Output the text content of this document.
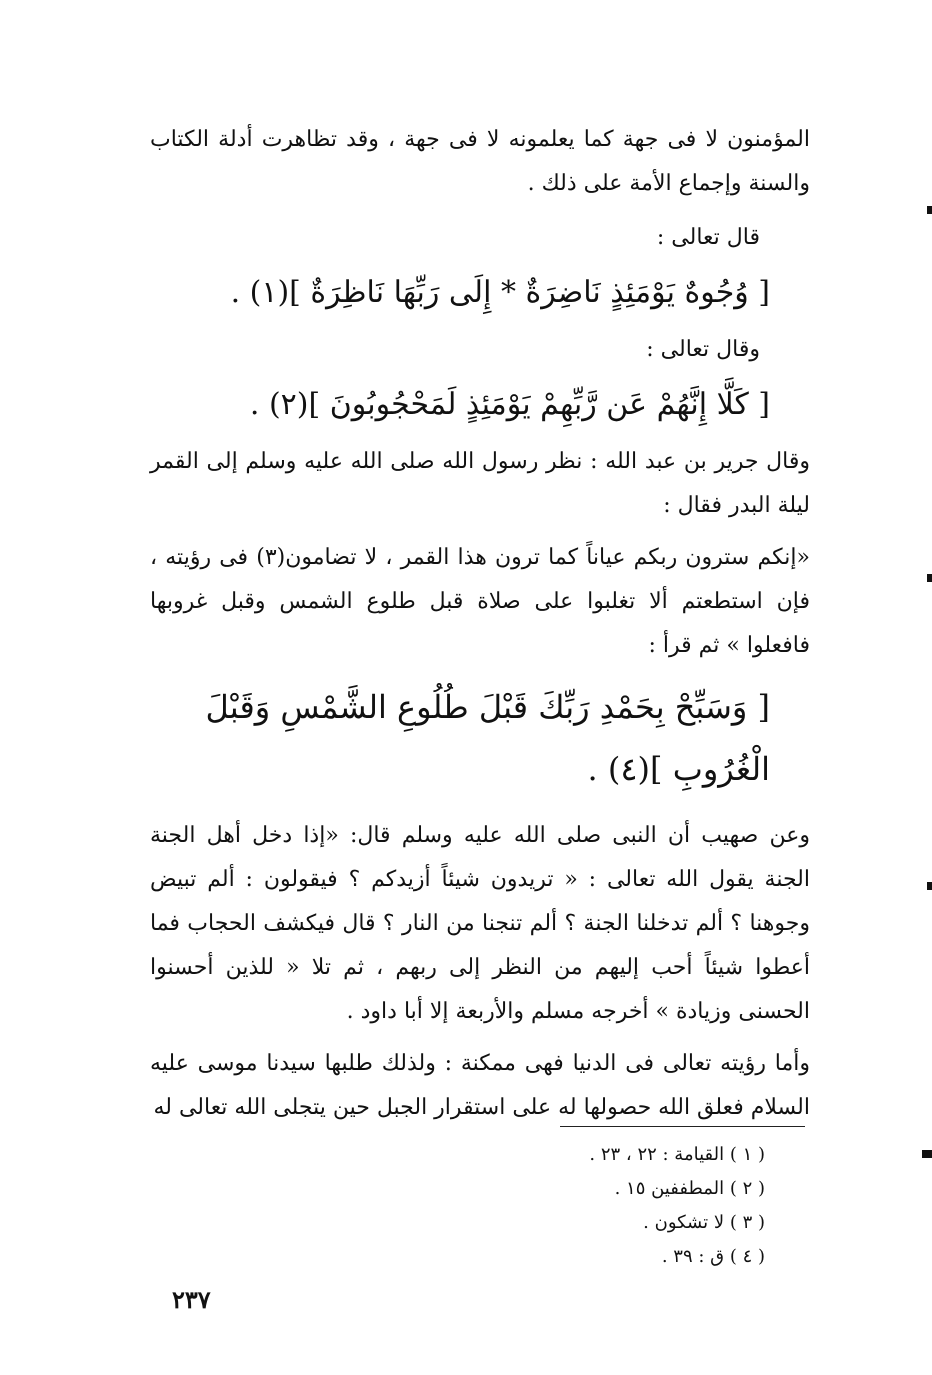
المؤمنون لا فى جهة كما يعلمونه لا فى جهة ، وقد تظاهرت أدلة الكتاب والسنة وإجماع الأمة على ذلك .

قال تعالى :

[ وُجُوهٌ يَوْمَئِذٍ نَاضِرَةٌ * إِلَى رَبِّهَا نَاظِرَةٌ ](١) .

وقال تعالى :

[ كَلَّا إِنَّهُمْ عَن رَّبِّهِمْ يَوْمَئِذٍ لَمَحْجُوبُونَ ](٢) .

وقال جرير بن عبد الله : نظر رسول الله صلى الله عليه وسلم إلى القمر ليلة البدر فقال :

«إنكم سترون ربكم عياناً كما ترون هذا القمر ، لا تضامون(٣) فى رؤيته ، فإن استطعتم ألا تغلبوا على صلاة قبل طلوع الشمس وقبل غروبها فافعلوا » ثم قرأ :

[ وَسَبِّحْ بِحَمْدِ رَبِّكَ قَبْلَ طُلُوعِ الشَّمْسِ وَقَبْلَ الْغُرُوبِ ](٤) .

وعن صهيب أن النبى صلى الله عليه وسلم قال: «إذا دخل أهل الجنة الجنة يقول الله تعالى : « تريدون شيئاً أزيدكم ؟ فيقولون : ألم تبيض وجوهنا ؟ ألم تدخلنا الجنة ؟ ألم تنجنا من النار ؟ قال فيكشف الحجاب فما أعطوا شيئاً أحب إليهم من النظر إلى ربهم ، ثم تلا « للذين أحسنوا الحسنى وزيادة » أخرجه مسلم والأربعة إلا أبا داود .

وأما رؤيته تعالى فى الدنيا فهى ممكنة : ولذلك طلبها سيدنا موسى عليه السلام فعلق الله حصولها له على استقرار الجبل حين يتجلى الله تعالى له

( ١ ) القيامة : ٢٢ ، ٢٣ .
( ٢ ) المطففين ١٥ .
( ٣ ) لا تشكون .
( ٤ ) ق : ٣٩ .
٢٣٧
